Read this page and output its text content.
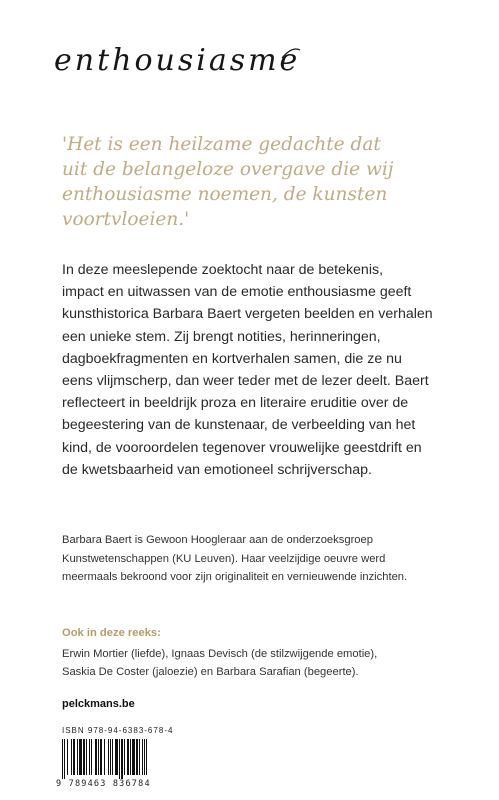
enthousiasme

'Het is een heilzame gedachte dat
uit de belangeloze overgave die wij
enthousiasme noemen, de kunsten
voortvloeien.'

In deze meeslepende zoektocht naar de betekenis,
impact en uitwassen van de emotie enthousiasme geeft
kunsthistorica Barbara Baert vergeten beelden en verhalen
een unieke stem. Zij brengt notities, herinneringen,
dagboekfragmenten en kortverhalen samen, die ze nu
eens vlijmscherp, dan weer teder met de lezer deelt. Baert
reflecteert in beeldrijk proza en literaire eruditie over de
begeestering van de kunstenaar, de verbeelding van het
kind, de vooroordelen tegenover vrouwelijke geestdrift en
de kwetsbaarheid van emotioneel schrijverschap.

Barbara Baert is Gewoon Hoogleraar aan de onderzoeksgroep
Kunstwetenschappen (KU Leuven). Haar veelzijdige oeuvre werd
meermaals bekroond voor zijn originaliteit en vernieuwende inzichten.

Ook in deze reeks:

Erwin Mortier (liefde), Ignaas Devisch (de stilzwijgende emotie),
Saskia De Coster (jaloezie) en Barbara Sarafian (begeerte).

pelckmans.be

ISBN 978-94-6383-678-4

9 789463 836784
